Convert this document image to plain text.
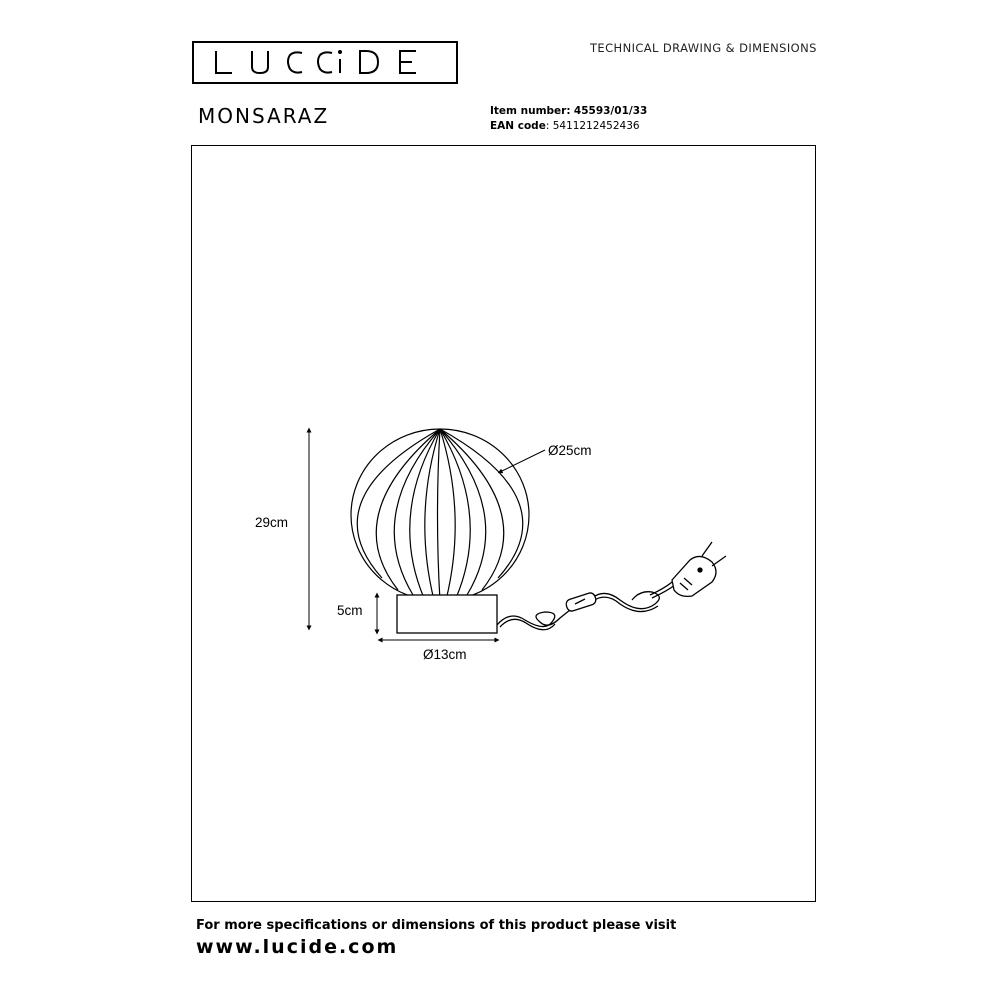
TECHNICAL DRAWING & DIMENSIONS
MONSARAZ	Item number: 45593/01/33
EAN code: 5411212452436
29cm
5cm
Ø25cm
Ø13cm
For more specifications or dimensions of this product please visit
www.lucide.com
